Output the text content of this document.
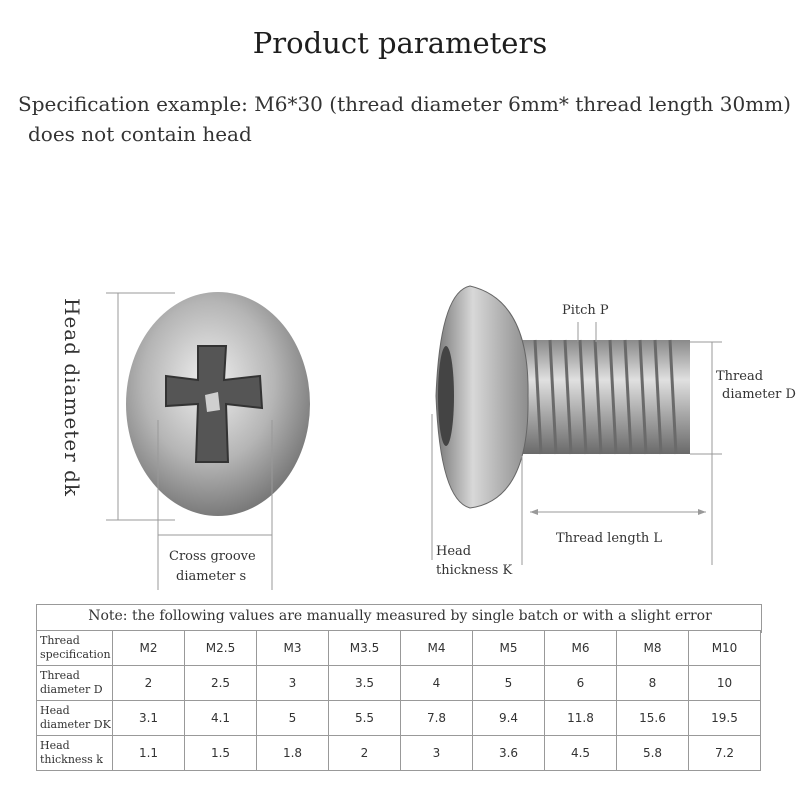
Product parameters
Specification example: M6*30 (thread diameter 6mm* thread length 30mm)
does not contain head
Head diameter dk
Cross groove
diameter s
Pitch P
Thread
diameter D
Thread length L
Head
thickness K
Note: the following values are manually measured by single batch or with a slight error
Thread
specification	M2	M2.5	M3	M3.5	M4	M5	M6	M8	M10
Thread
diameter D	2	2.5	3	3.5	4	5	6	8	10
Head
diameter DK	3.1	4.1	5	5.5	7.8	9.4	11.8	15.6	19.5
Head
thickness k	1.1	1.5	1.8	2	3	3.6	4.5	5.8	7.2
